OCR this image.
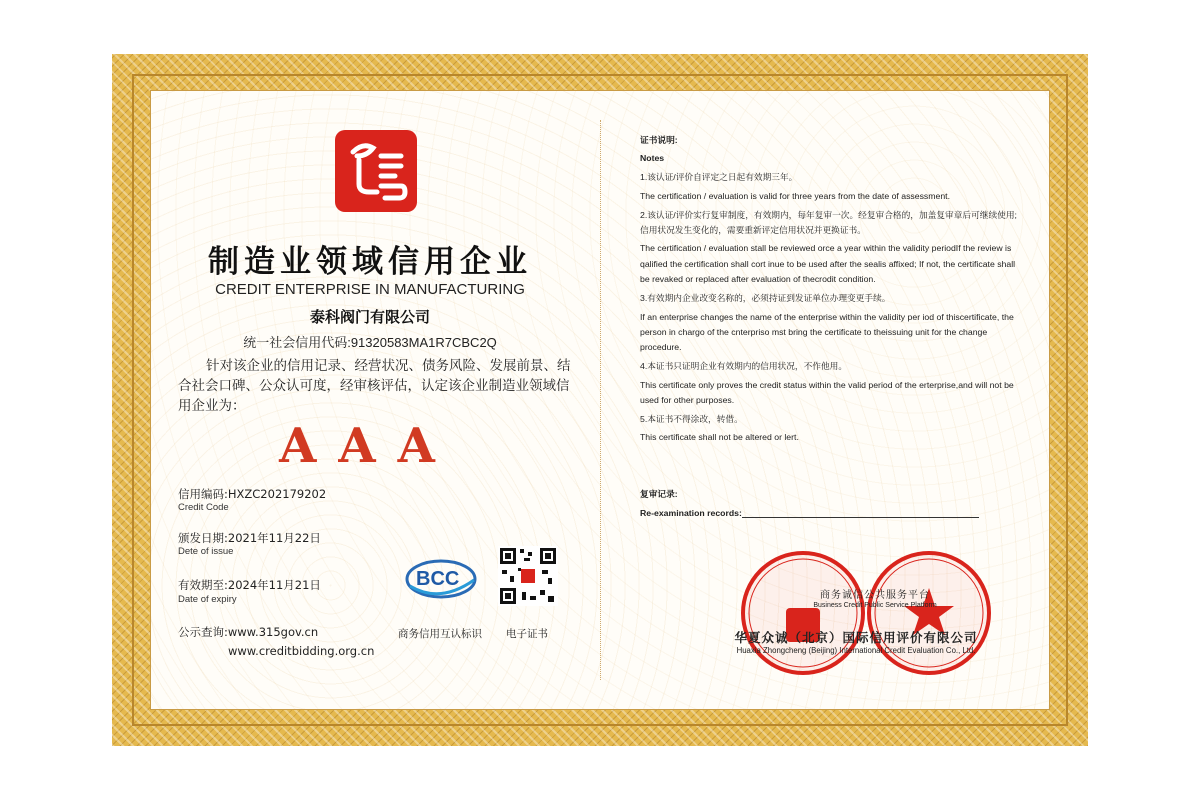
制造业领域信用企业
CREDIT ENTERPRISE IN MANUFACTURING
泰科阀门有限公司
统一社会信用代码:91320583MA1R7CBC2Q
针对该企业的信用记录、经营状况、债务风险、发展前景、结合社会口碑、公众认可度，经审核评估，认定该企业制造业领域信用企业为：
AAA
信用编码:HXZC202179202
Credit Code
颁发日期:2021年11月22日
Dete of issue
有效期至:2024年11月21日
Date of expiry
公示查询:www.315gov.cn
www.creditbidding.org.cn
BCC
商务信用互认标识 电子证书

证书说明:

Notes

1.该认证/评价自评定之日起有效期三年。

The certification / evaluation is valid for three years from the date of assessment.

2.该认证/评价实行复审制度，有效期内，每年复审一次。经复审合格的，加盖复审章后可继续使用;信用状况发生变化的，需要重新评定信用状况并更换证书。

The certification / evaluation stall be reviewed orce a year within the validity periodIf the review is qalified the certification shall cort inue to be used after the sealis affixed; If not, the certificate shall be revaked or replaced after evaluation of thecrodit condition.

3.有效期内企业改变名称的，必须持证到发证单位办理变更手续。

If an enterprise changes the name of the enterprise within the validity per iod of thiscertificate, the person in chargo of the cnterpriso mst bring the certificate to theissuing unit for the change procedure.

4.本证书只证明企业有效期内的信用状况，不作他用。

This certificate only proves the credit status within the valid period of the erterprise,and will not be used for other purposes.

5.本证书不得涂改，转借。

This certificate shall not be altered or lert.

复审记录:
Re-examination records:
商务诚信公共服务平台
Business Credit Public Service Platform
华夏众诚（北京）国际信用评价有限公司
Huaxia Zhongcheng (Beijing) International Credit Evaluation Co., Ltd.
